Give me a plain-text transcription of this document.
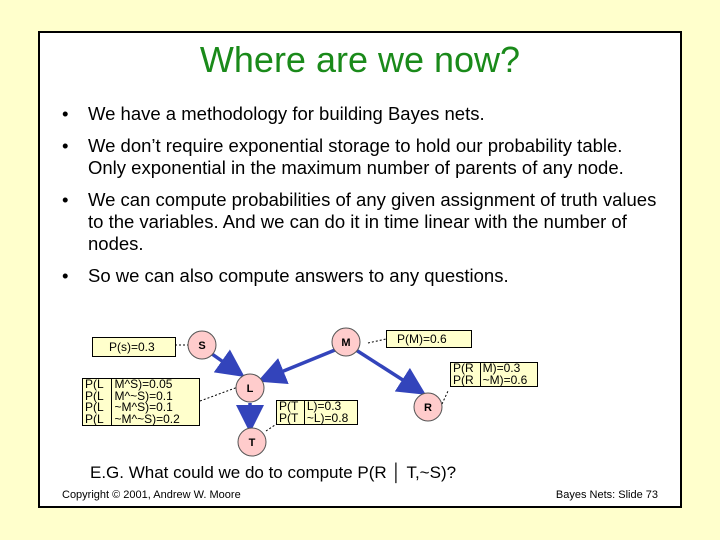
Where are we now?
• We have a methodology for building Bayes nets.
• We don’t require exponential storage to hold our probability table. Only exponential in the maximum number of parents of any node.
• We can compute probabilities of any given assignment of truth values to the variables. And we can do it in time linear with the number of nodes.
• So we can also compute answers to any questions.
S	M
L
R
T
P(s)=0.3
P(M)=0.6
P(R	M)=0.3
P(R	~M)=0.6
P(L	M^S)=0.05
P(L	M^~S)=0.1
P(L	~M^S)=0.1
P(L	~M^~S)=0.2
P(T	L)=0.3
P(T	~L)=0.8
E.G. What could we do to compute P(R │ T,~S)?
Copyright © 2001, Andrew W. Moore	Bayes Nets: Slide 73
